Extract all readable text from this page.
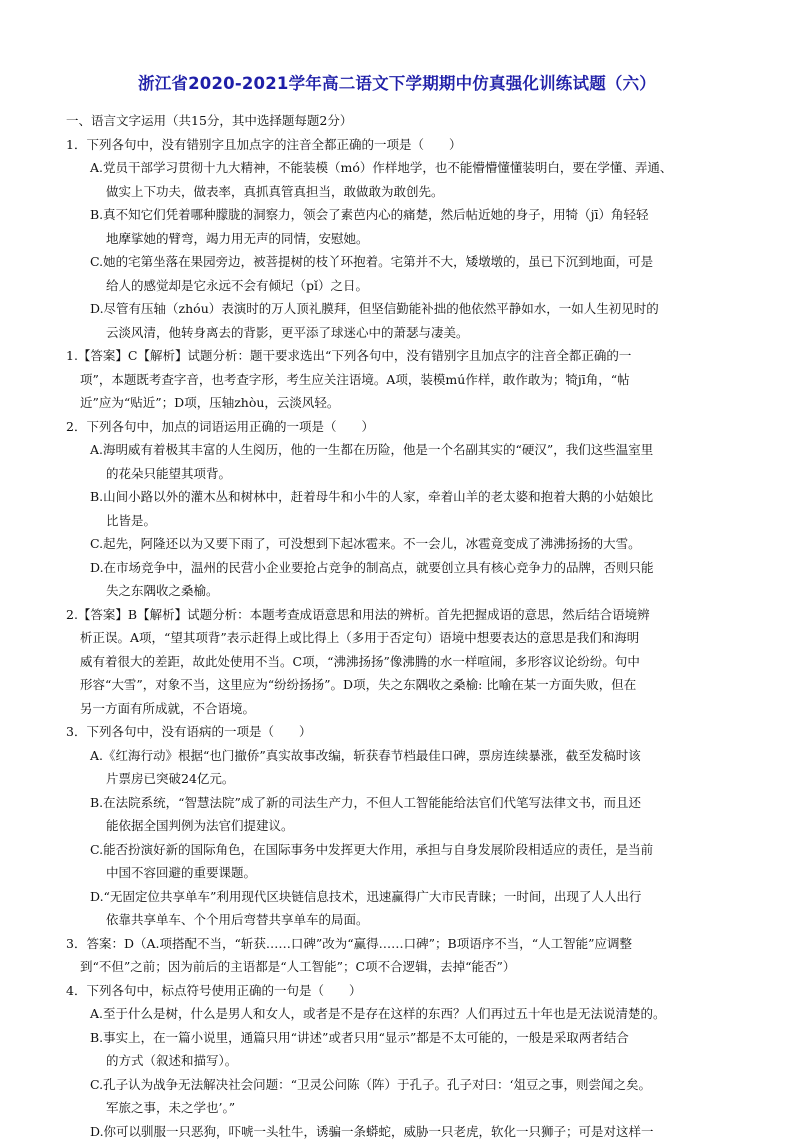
浙江省2020-2021学年高二语文下学期期中仿真强化训练试题（六）
一、语言文字运用（共15分，其中选择题每题2分）
1．下列各句中，没有错别字且加点字的注音全都正确的一项是（　　）
A.党员干部学习贯彻十九大精神，不能装模（mó）作样地学，也不能懵懵懂懂装明白，要在学懂、弄通、
做实上下功夫，做表率，真抓真管真担当，敢做敢为敢创先。
B.真不知它们凭着哪种朦胧的洞察力，领会了素芭内心的痛楚，然后帖近她的身子，用犄（jī）角轻轻
地摩挲她的臂弯，竭力用无声的同情，安慰她。
C.她的宅第坐落在果园旁边，被菩提树的枝丫环抱着。宅第并不大，矮墩墩的，虽已下沉到地面，可是
给人的感觉却是它永远不会有倾圮（pǐ）之日。
D.尽管有压轴（zhóu）表演时的万人顶礼膜拜，但坚信勤能补拙的他依然平静如水，一如人生初见时的
云淡风清，他转身离去的背影，更平添了球迷心中的萧瑟与凄美。
1.【答案】C【解析】试题分析：题干要求选出“下列各句中，没有错别字且加点字的注音全都正确的一
项”，本题既考查字音，也考查字形，考生应关注语境。A项，装模mú作样，敢作敢为；犄jī角，“帖
近”应为“贴近”；D项，压轴zhòu，云淡风轻。
2．下列各句中，加点的词语运用正确的一项是（　　）
A.海明威有着极其丰富的人生阅历，他的一生都在历险，他是一个名副其实的“硬汉”，我们这些温室里
的花朵只能望其项背。
B.山间小路以外的灌木丛和树林中，赶着母牛和小牛的人家，牵着山羊的老太婆和抱着大鹅的小姑娘比
比皆是。
C.起先，阿隆还以为又要下雨了，可没想到下起冰雹来。不一会儿，冰雹竟变成了沸沸扬扬的大雪。
D.在市场竞争中，温州的民营小企业要抢占竞争的制高点，就要创立具有核心竞争力的品牌，否则只能
失之东隅收之桑榆。
2.【答案】B【解析】试题分析：本题考查成语意思和用法的辨析。首先把握成语的意思，然后结合语境辨
析正误。A项，“望其项背”表示赶得上或比得上（多用于否定句）语境中想要表达的意思是我们和海明
威有着很大的差距，故此处使用不当。C项，“沸沸扬扬”像沸腾的水一样喧闹，多形容议论纷纷。句中
形容“大雪”，对象不当，这里应为“纷纷扬扬”。D项，失之东隅收之桑榆: 比喻在某一方面失败，但在
另一方面有所成就，不合语境。
3．下列各句中，没有语病的一项是（　　）
A.《红海行动》根据“也门撤侨”真实故事改编，斩获春节档最佳口碑，票房连续暴涨，截至发稿时该
片票房已突破24亿元。
B.在法院系统，“智慧法院”成了新的司法生产力，不但人工智能能给法官们代笔写法律文书，而且还
能依据全国判例为法官们提建议。
C.能否扮演好新的国际角色，在国际事务中发挥更大作用，承担与自身发展阶段相适应的责任，是当前
中国不容回避的重要课题。
D.“无固定位共享单车”利用现代区块链信息技术，迅速赢得广大市民青睐；一时间，出现了人人出行
依靠共享单车、个个用后弯替共享单车的局面。
3．答案：D（A.项搭配不当，“斩获……口碑”改为“赢得……口碑”；B项语序不当，“人工智能”应调整
到“不但”之前；因为前后的主语都是“人工智能”；C项不合逻辑，去掉“能否”）
4．下列各句中，标点符号使用正确的一句是（　　）
A.至于什么是树，什么是男人和女人，或者是不是存在这样的东西？人们再过五十年也是无法说清楚的。
B.事实上，在一篇小说里，通篇只用“讲述”或者只用“显示”都是不太可能的，一般是采取两者结合
的方式（叙述和描写）。
C.孔子认为战争无法解决社会问题：“卫灵公问陈（阵）于孔子。孔子对曰：‘俎豆之事，则尝闻之矣。
军旅之事，未之学也’。”
D.你可以驯服一只恶狗，吓唬一头牡牛，诱骗一条蟒蛇，威胁一只老虎，软化一只狮子；可是对这样一
